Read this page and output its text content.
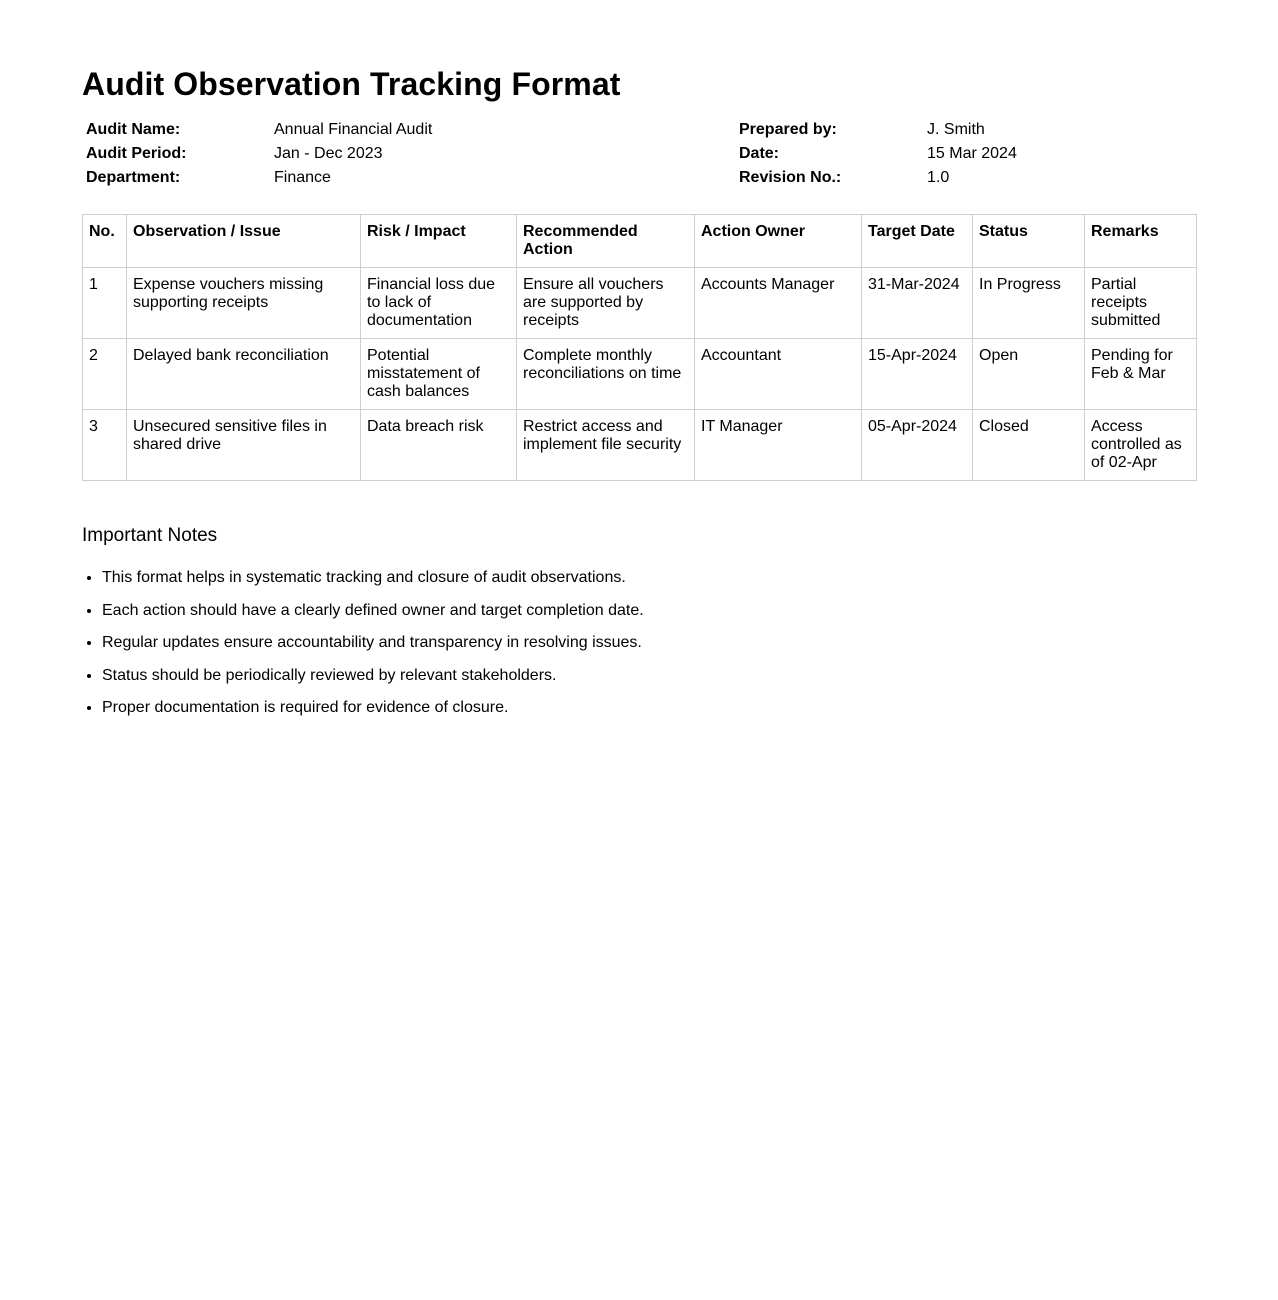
Audit Observation Tracking Format
Audit Name:	Annual Financial Audit
Audit Period:	Jan - Dec 2023
Department:	Finance
Prepared by:	J. Smith
Date:	15 Mar 2024
Revision No.:	1.0
No.	Observation / Issue	Risk / Impact	Recommended Action	Action Owner	Target Date	Status	Remarks
1	Expense vouchers missing supporting receipts	Financial loss due to lack of documentation	Ensure all vouchers are supported by receipts	Accounts Manager	31-Mar-2024	In Progress	Partial receipts submitted
2	Delayed bank reconciliation	Potential misstatement of cash balances	Complete monthly reconciliations on time	Accountant	15-Apr-2024	Open	Pending for Feb & Mar
3	Unsecured sensitive files in shared drive	Data breach risk	Restrict access and implement file security	IT Manager	05-Apr-2024	Closed	Access controlled as of 02-Apr
Important Notes
• This format helps in systematic tracking and closure of audit observations.
• Each action should have a clearly defined owner and target completion date.
• Regular updates ensure accountability and transparency in resolving issues.
• Status should be periodically reviewed by relevant stakeholders.
• Proper documentation is required for evidence of closure.
